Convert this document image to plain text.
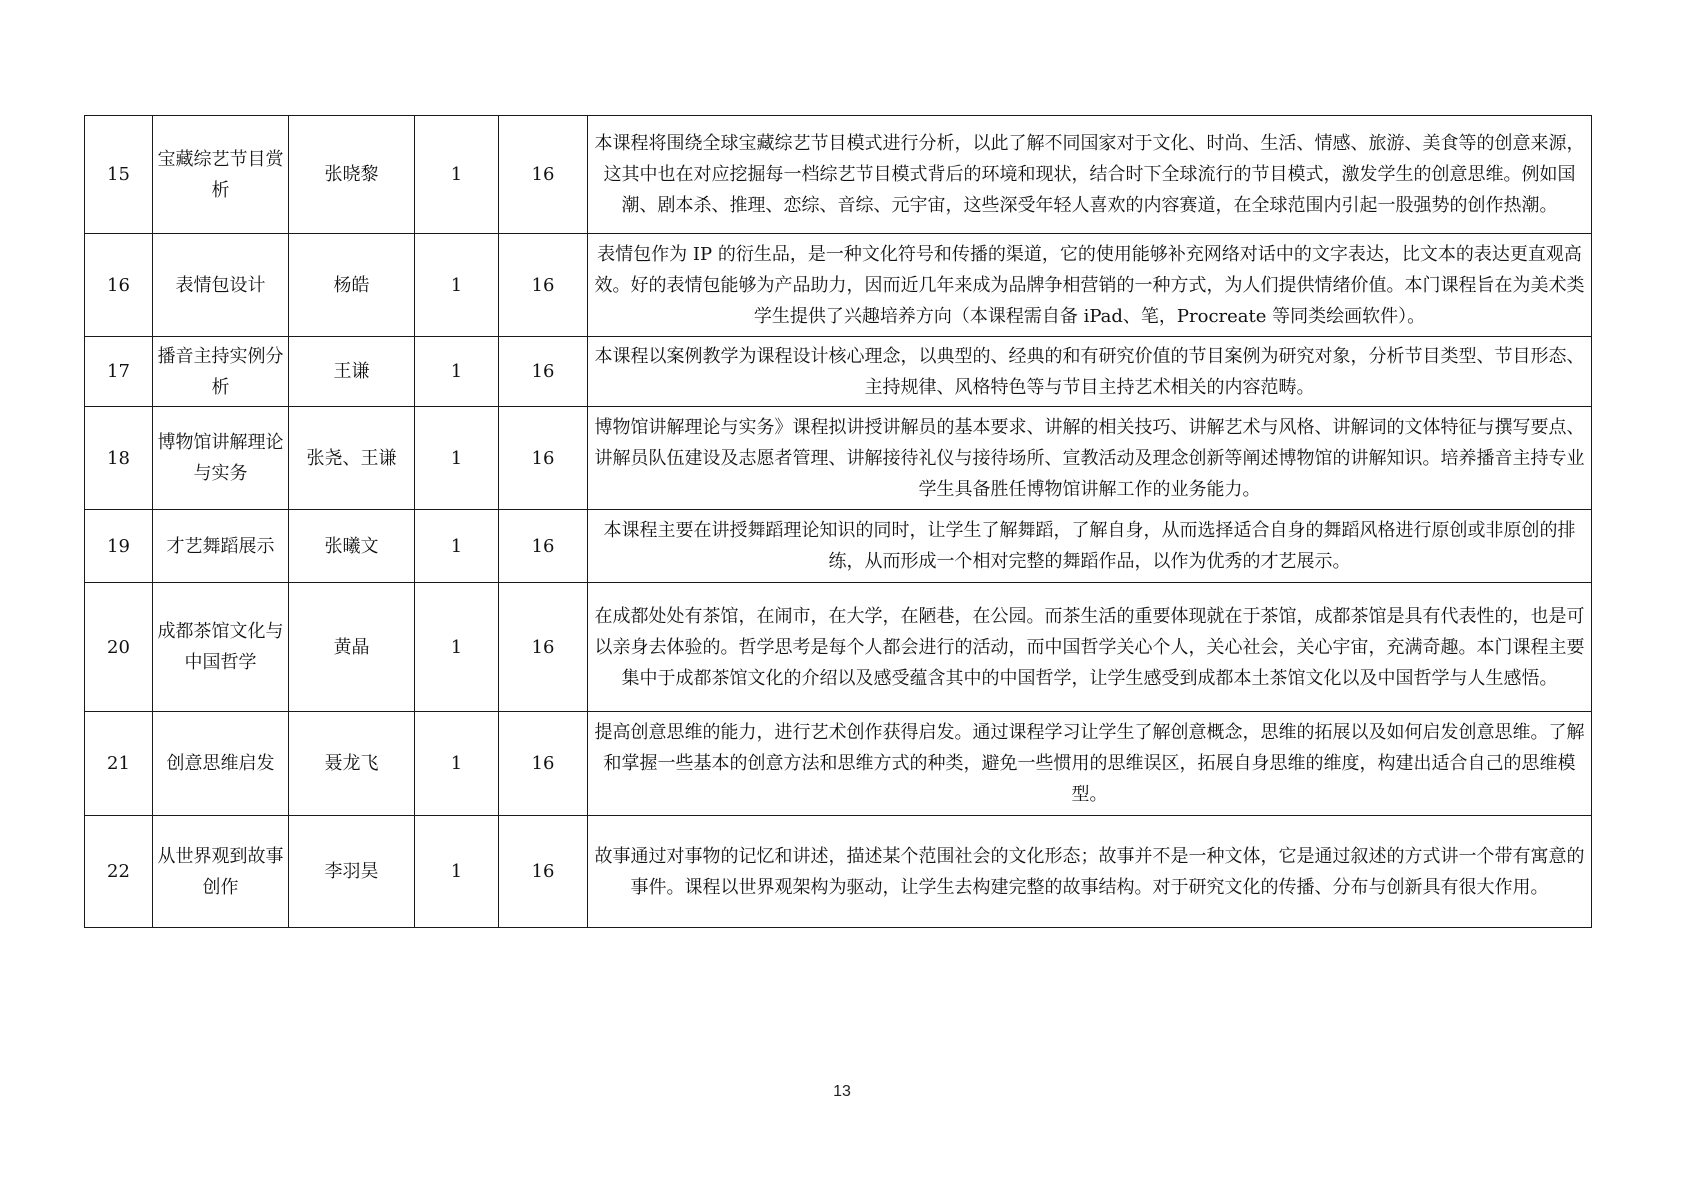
15	宝藏综艺节目赏析	张晓黎	1	16	本课程将围绕全球宝藏综艺节目模式进行分析，以此了解不同国家对于文化、时尚、生活、情感、旅游、美食等的创意来源，这其中也在对应挖掘每一档综艺节目模式背后的环境和现状，结合时下全球流行的节目模式，激发学生的创意思维。例如国潮、剧本杀、推理、恋综、音综、元宇宙，这些深受年轻人喜欢的内容赛道，在全球范围内引起一股强势的创作热潮。

16	表情包设计	杨皓	1	16	表情包作为 IP 的衍生品，是一种文化符号和传播的渠道，它的使用能够补充网络对话中的文字表达，比文本的表达更直观高效。好的表情包能够为产品助力，因而近几年来成为品牌争相营销的一种方式，为人们提供情绪价值。本门课程旨在为美术类学生提供了兴趣培养方向（本课程需自备 iPad、笔，Procreate 等同类绘画软件）。

17	播音主持实例分析	王谦	1	16	本课程以案例教学为课程设计核心理念，以典型的、经典的和有研究价值的节目案例为研究对象，分析节目类型、节目形态、主持规律、风格特色等与节目主持艺术相关的内容范畴。

18	博物馆讲解理论与实务	张尧、王谦	1	16	博物馆讲解理论与实务》课程拟讲授讲解员的基本要求、讲解的相关技巧、讲解艺术与风格、讲解词的文体特征与撰写要点、讲解员队伍建设及志愿者管理、讲解接待礼仪与接待场所、宣教活动及理念创新等阐述博物馆的讲解知识。培养播音主持专业学生具备胜任博物馆讲解工作的业务能力。

19	才艺舞蹈展示	张曦文	1	16	本课程主要在讲授舞蹈理论知识的同时，让学生了解舞蹈，了解自身，从而选择适合自身的舞蹈风格进行原创或非原创的排练，从而形成一个相对完整的舞蹈作品，以作为优秀的才艺展示。

20	成都茶馆文化与中国哲学	黄晶	1	16	在成都处处有茶馆，在闹市，在大学，在陋巷，在公园。而茶生活的重要体现就在于茶馆，成都茶馆是具有代表性的，也是可以亲身去体验的。哲学思考是每个人都会进行的活动，而中国哲学关心个人，关心社会，关心宇宙，充满奇趣。本门课程主要集中于成都茶馆文化的介绍以及感受蕴含其中的中国哲学，让学生感受到成都本土茶馆文化以及中国哲学与人生感悟。

21	创意思维启发	聂龙飞	1	16	提高创意思维的能力，进行艺术创作获得启发。通过课程学习让学生了解创意概念，思维的拓展以及如何启发创意思维。了解和掌握一些基本的创意方法和思维方式的种类，避免一些惯用的思维误区，拓展自身思维的维度，构建出适合自己的思维模型。

22	从世界观到故事创作	李羽昊	1	16	故事通过对事物的记忆和讲述，描述某个范围社会的文化形态；故事并不是一种文体，它是通过叙述的方式讲一个带有寓意的事件。课程以世界观架构为驱动，让学生去构建完整的故事结构。对于研究文化的传播、分布与创新具有很大作用。
13
